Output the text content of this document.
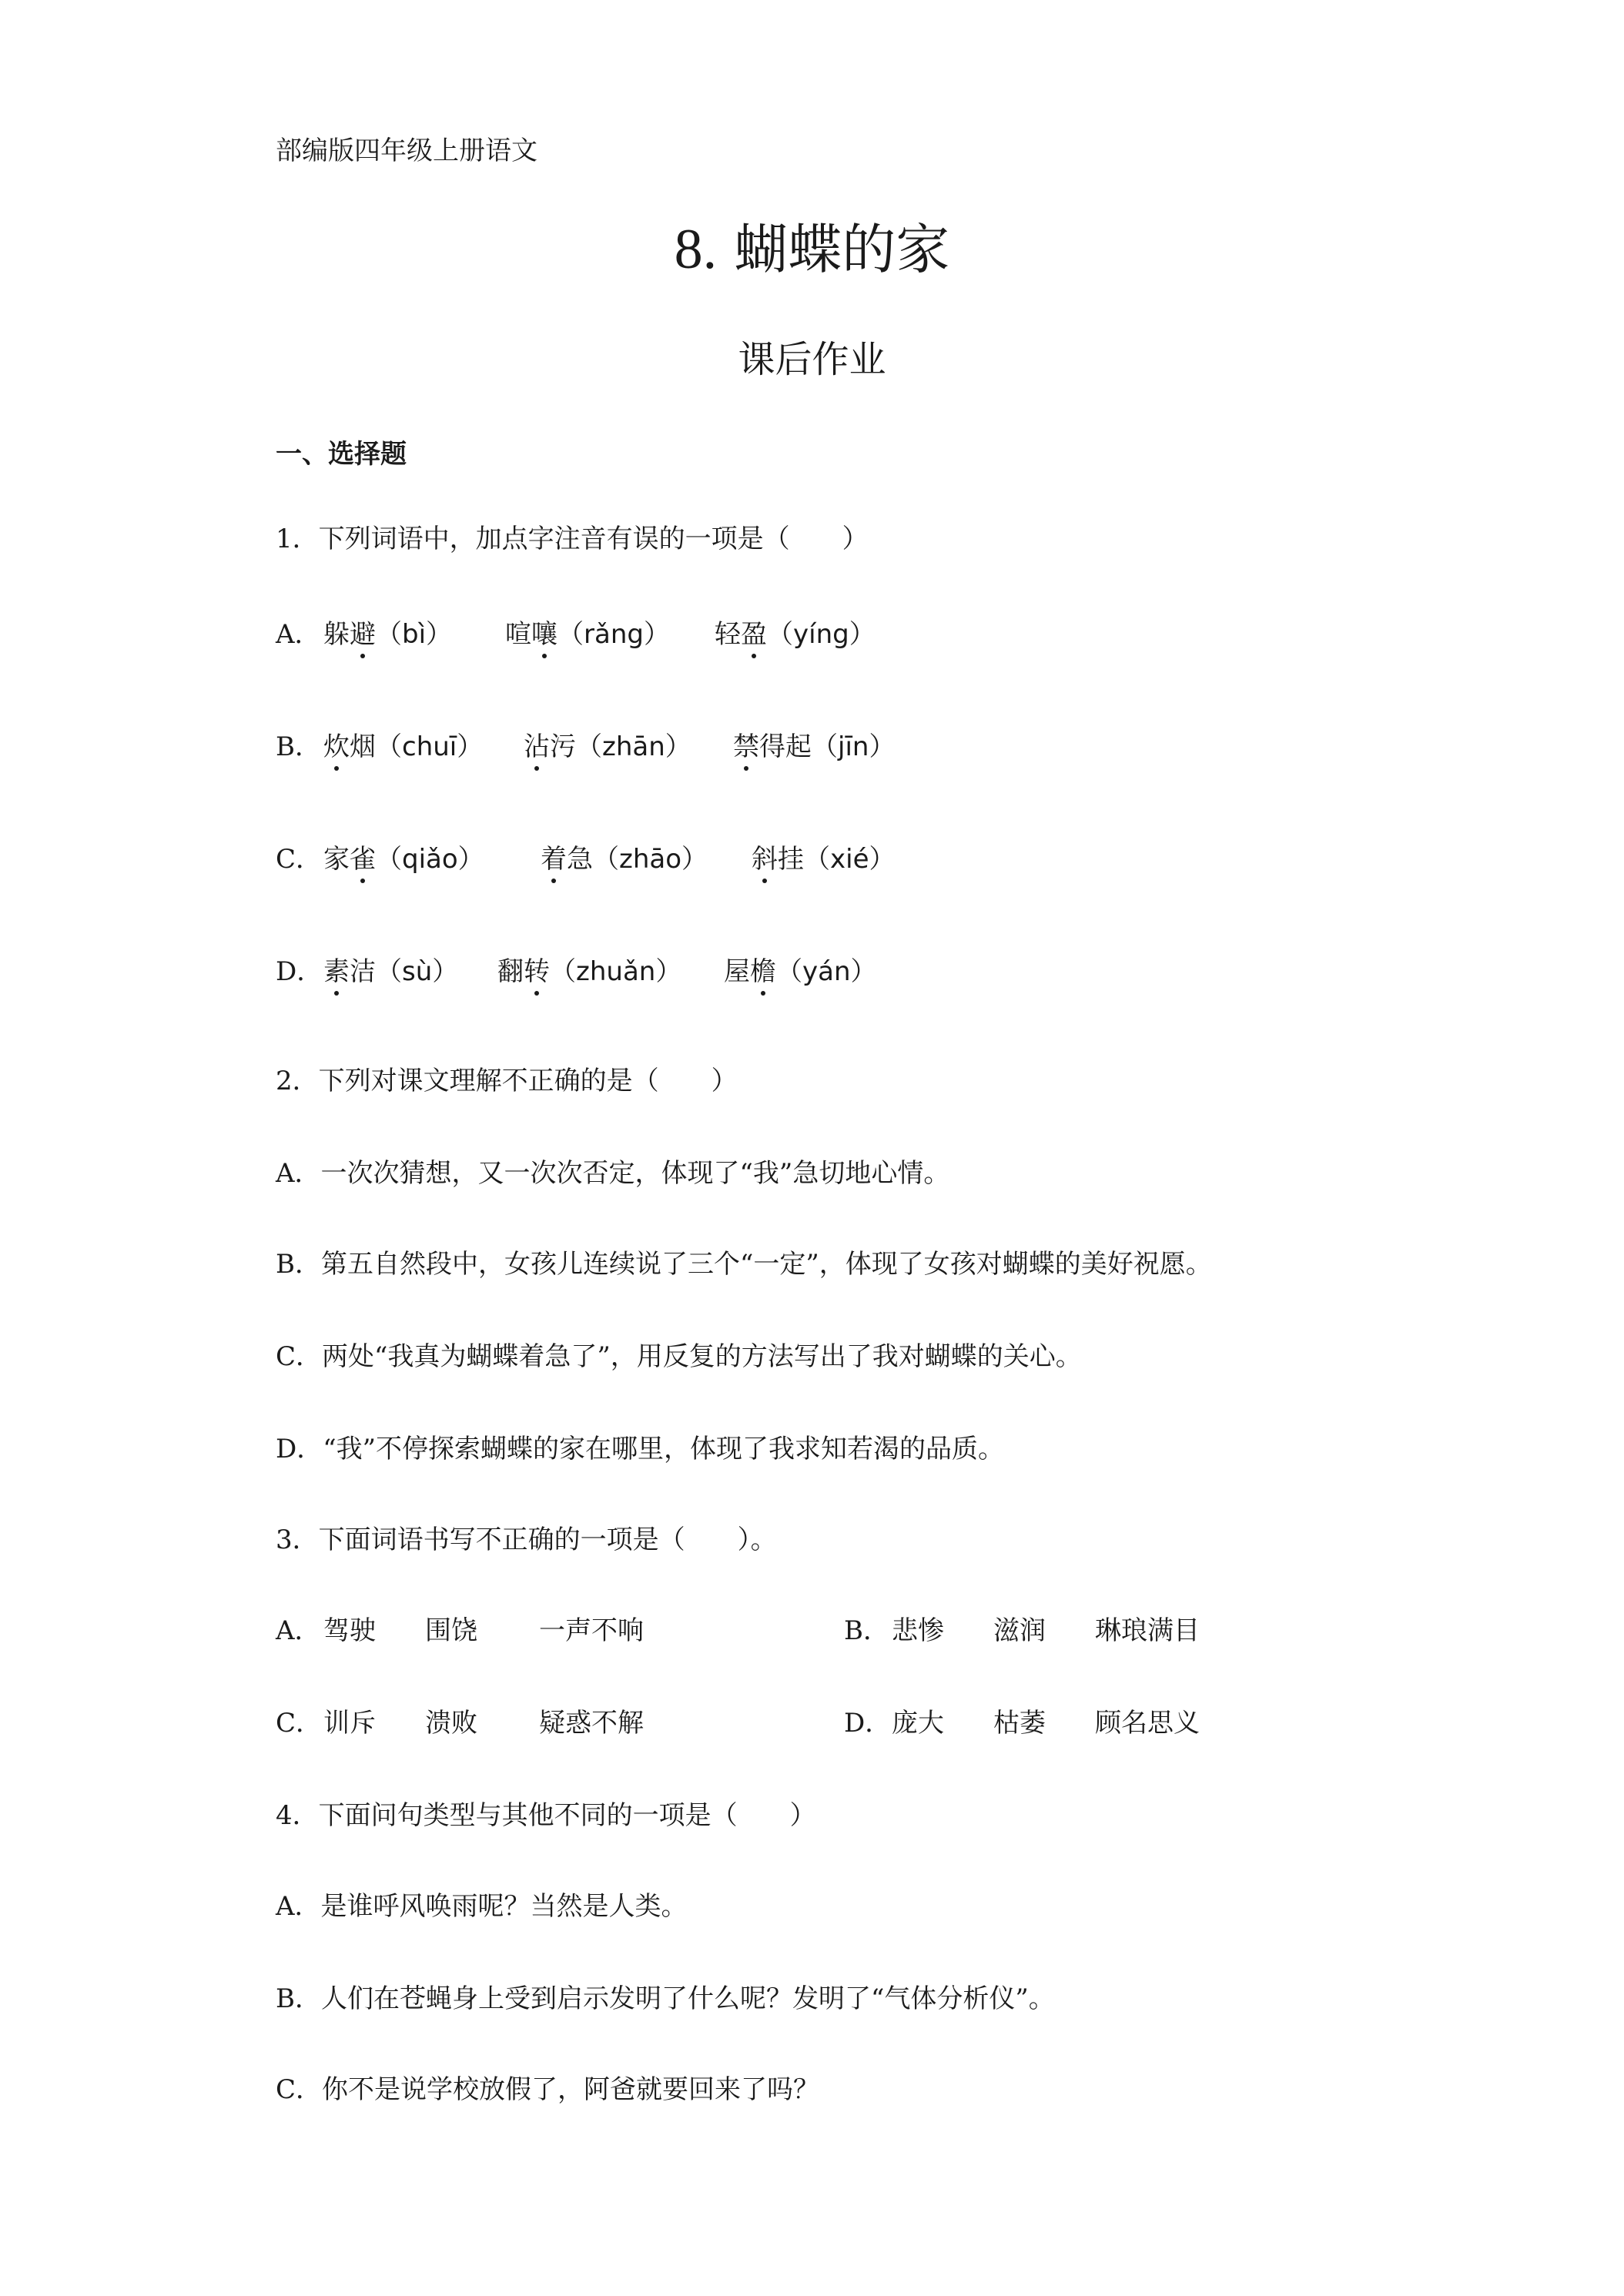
部编版四年级上册语文
8. 蝴蝶的家
课后作业
一、选择题
1．下列词语中，加点字注音有误的一项是（　　）
A． 躲避（bì） 喧嚷（rǎng） 轻盈（yíng）
B． 炊烟（chuī） 沾污（zhān） 禁得起（jīn）
C． 家雀（qiǎo） 着急（zhāo） 斜挂（xié）
D． 素洁（sù） 翻转（zhuǎn） 屋檐（yán）
2．下列对课文理解不正确的是（　　）
A．一次次猜想，又一次次否定，体现了“我”急切地心情。
B．第五自然段中，女孩儿连续说了三个“一定”，体现了女孩对蝴蝶的美好祝愿。
C．两处“我真为蝴蝶着急了”，用反复的方法写出了我对蝴蝶的关心。
D．“我”不停探索蝴蝶的家在哪里，体现了我求知若渴的品质。
3．下面词语书写不正确的一项是（　　）。
A． 驾驶 围饶 一声不响	B． 悲惨 滋润 琳琅满目
C． 训斥 溃败 疑惑不解	D． 庞大 枯萎 顾名思义
4．下面问句类型与其他不同的一项是（　　）
A．是谁呼风唤雨呢？当然是人类。
B．人们在苍蝇身上受到启示发明了什么呢？发明了“气体分析仪”。
C．你不是说学校放假了，阿爸就要回来了吗？
